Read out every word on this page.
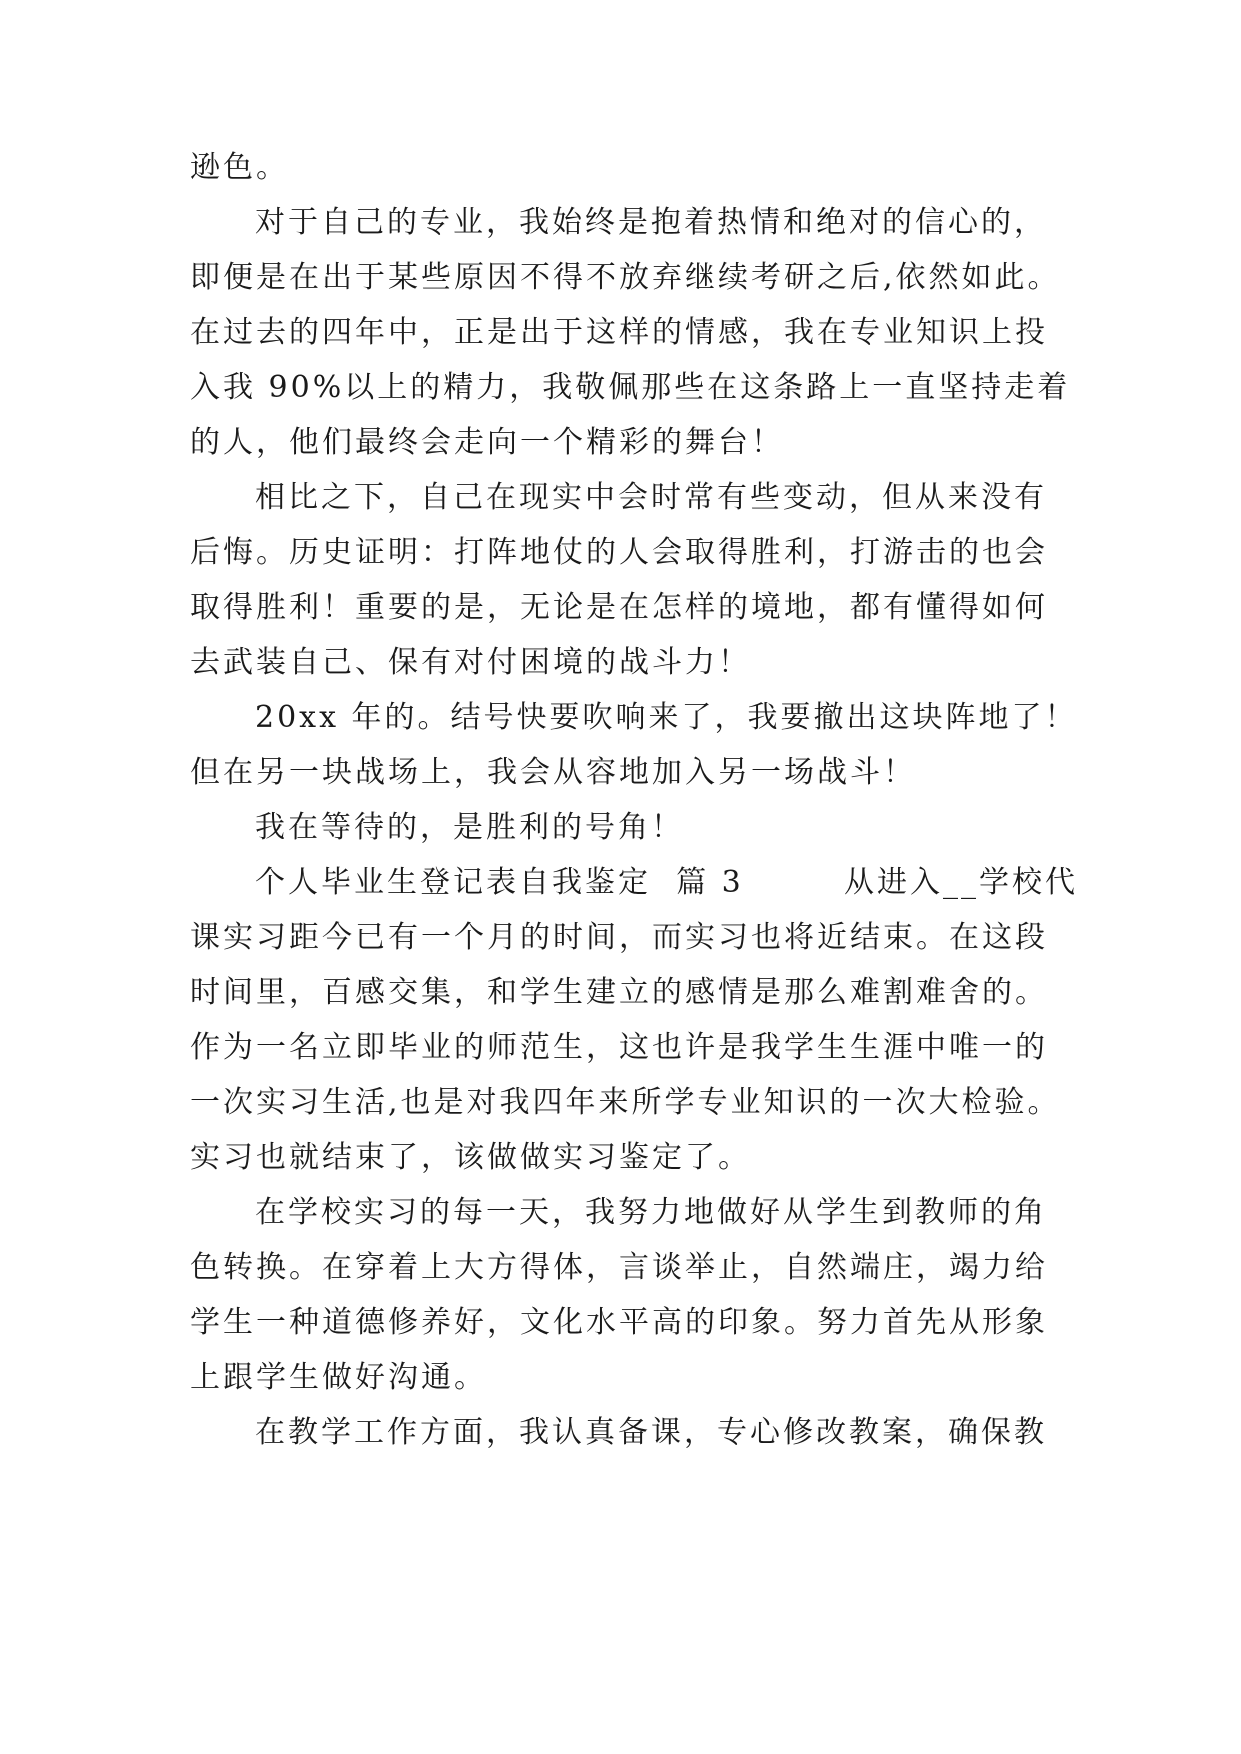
逊色。
对于自己的专业，我始终是抱着热情和绝对的信心的，
即便是在出于某些原因不得不放弃继续考研之后,依然如此。
在过去的四年中，正是出于这样的情感，我在专业知识上投
入我 90%以上的精力，我敬佩那些在这条路上一直坚持走着
的人，他们最终会走向一个精彩的舞台！
相比之下，自己在现实中会时常有些变动，但从来没有
后悔。历史证明：打阵地仗的人会取得胜利，打游击的也会
取得胜利！重要的是，无论是在怎样的境地，都有懂得如何
去武装自己、保有对付困境的战斗力！
20xx 年的。结号快要吹响来了，我要撤出这块阵地了！
但在另一块战场上，我会从容地加入另一场战斗！
我在等待的，是胜利的号角！
个人毕业生登记表自我鉴定  篇 3        从进入__学校代
课实习距今已有一个月的时间，而实习也将近结束。在这段
时间里，百感交集，和学生建立的感情是那么难割难舍的。
作为一名立即毕业的师范生，这也许是我学生生涯中唯一的
一次实习生活,也是对我四年来所学专业知识的一次大检验。
实习也就结束了，该做做实习鉴定了。
在学校实习的每一天，我努力地做好从学生到教师的角
色转换。在穿着上大方得体，言谈举止，自然端庄，竭力给
学生一种道德修养好，文化水平高的印象。努力首先从形象
上跟学生做好沟通。
在教学工作方面，我认真备课，专心修改教案，确保教
